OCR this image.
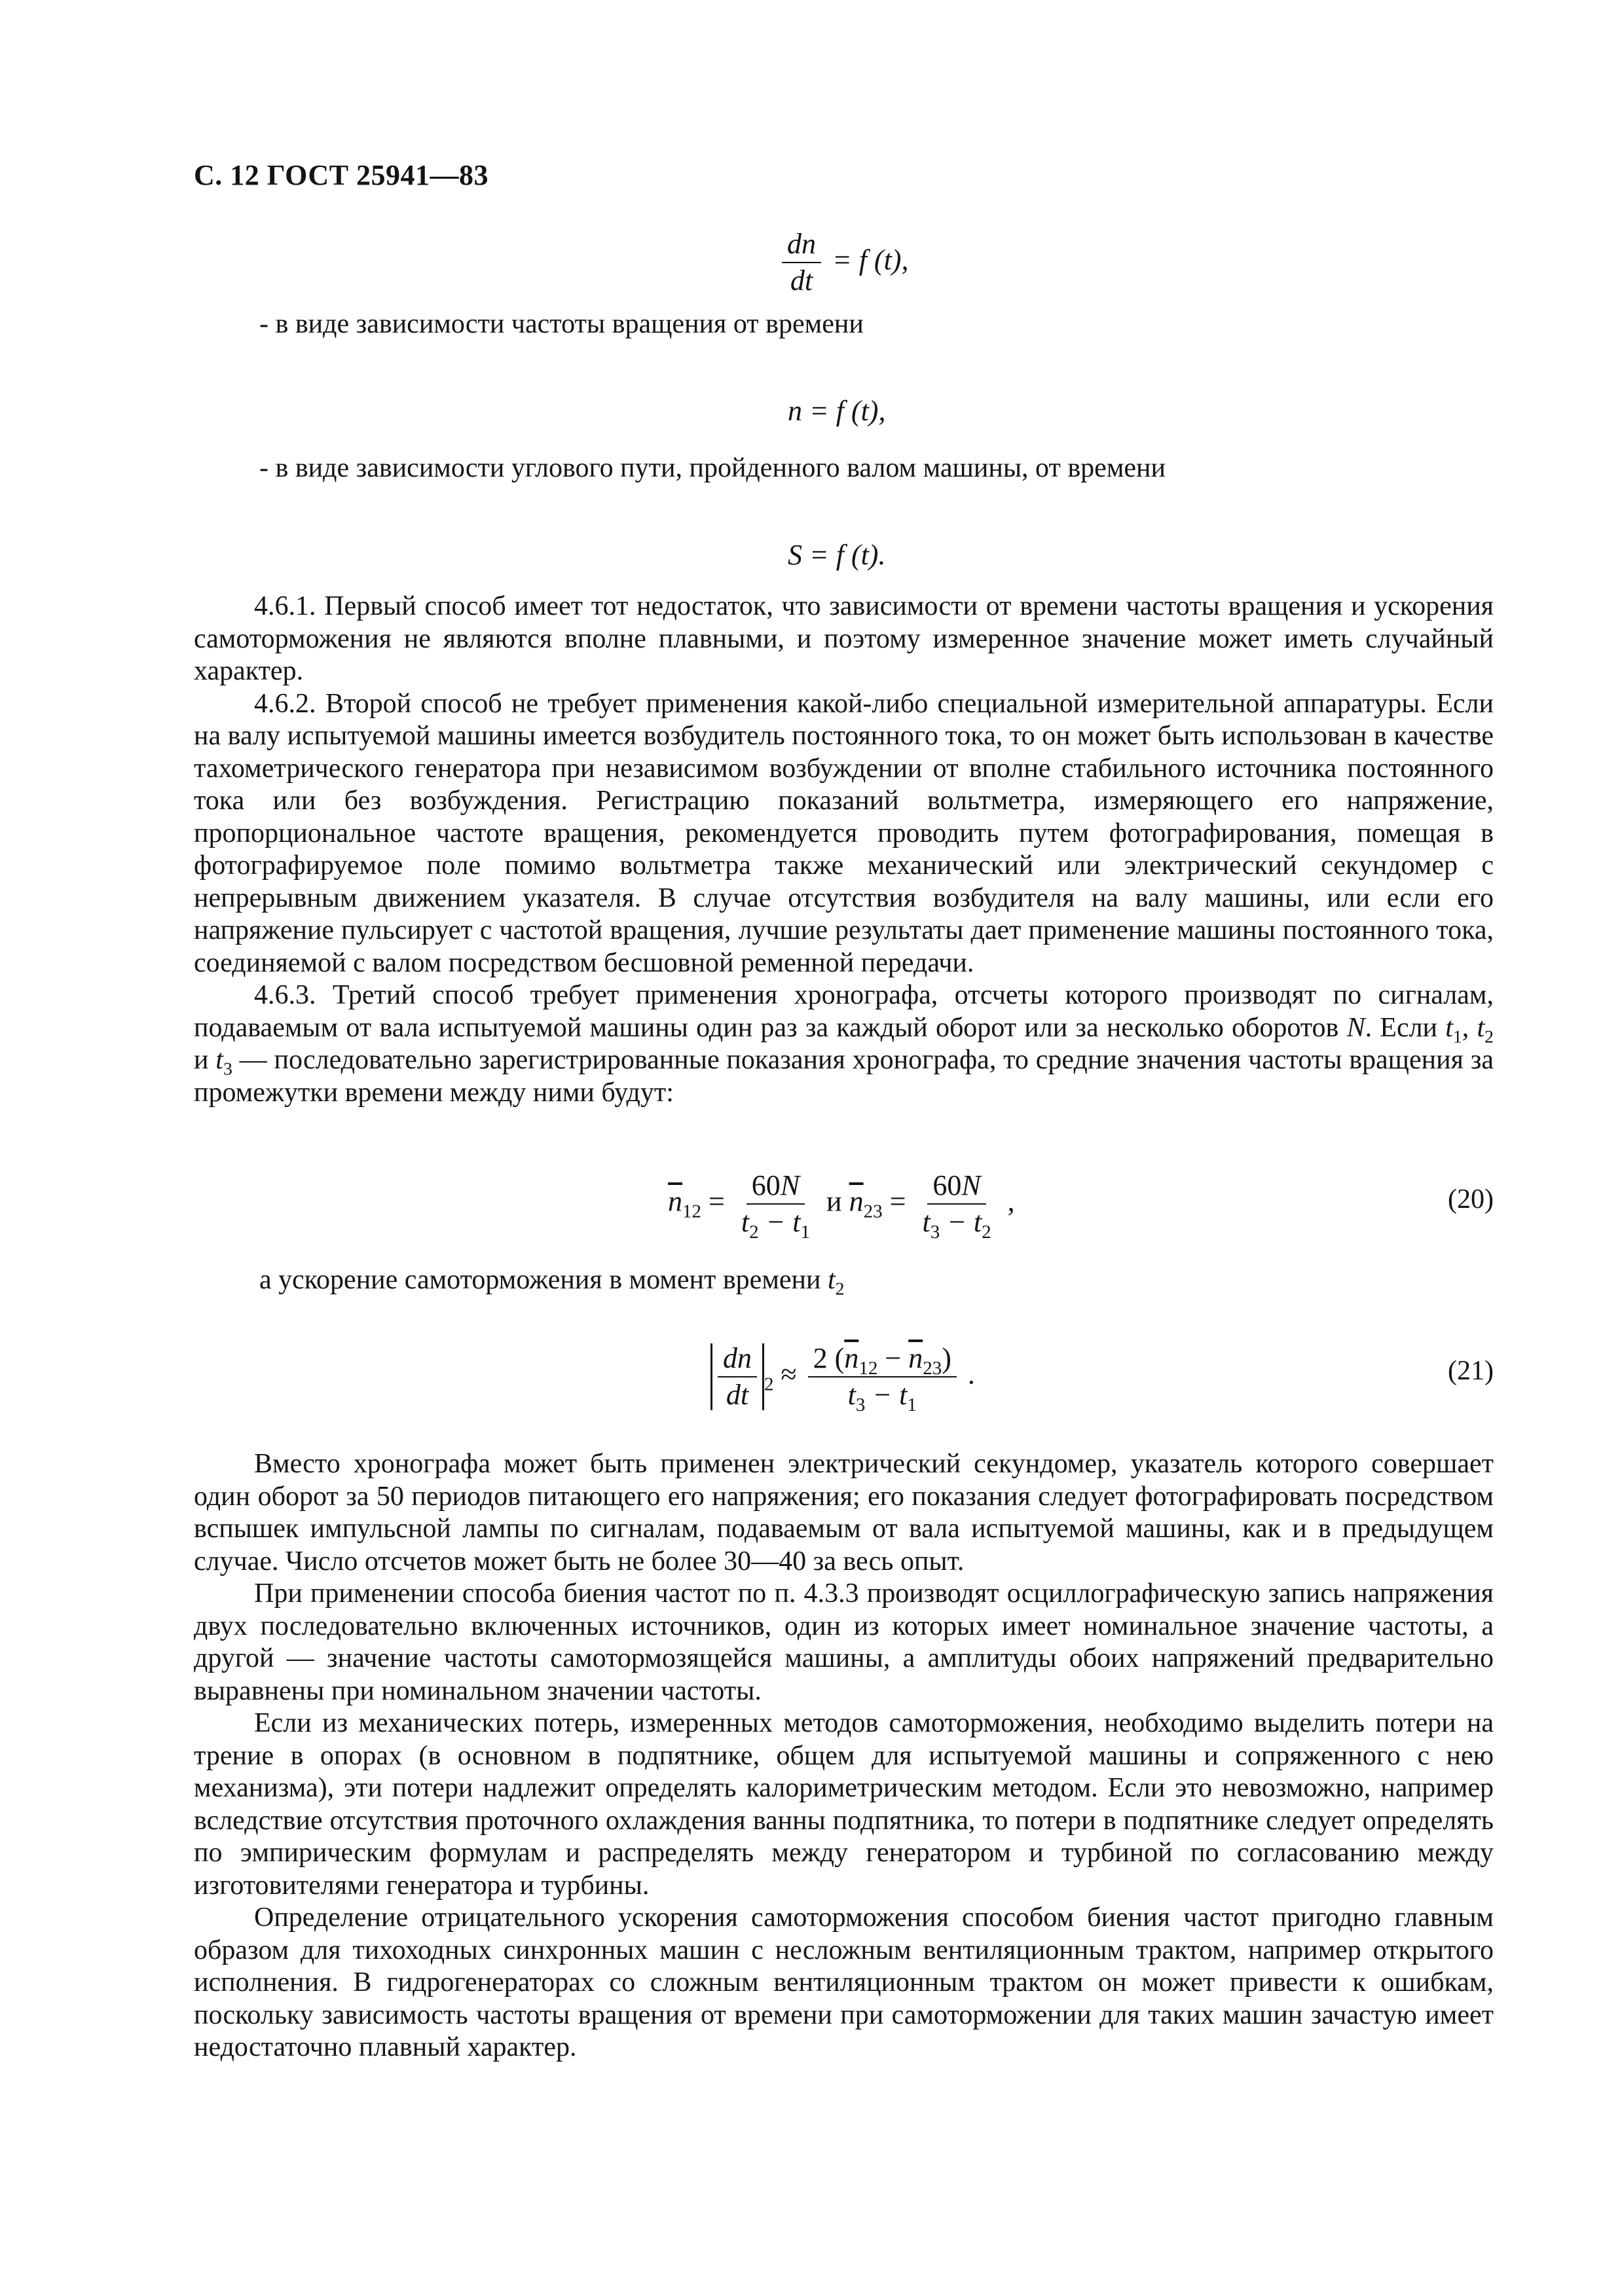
С. 12 ГОСТ 25941—83
$\frac{dn}{dt} = f$ (t),
- в виде зависимости частоты вращения от времени
n = f (t),
- в виде зависимости углового пути, пройденного валом машины, от времени
S = f (t).

4.6.1. Первый способ имеет тот недостаток, что зависимости от времени частоты вращения и ускорения самоторможения не являются вполне плавными, и поэтому измеренное значение может иметь случайный характер.

4.6.2. Второй способ не требует применения какой-либо специальной измерительной аппаратуры. Если на валу испытуемой машины имеется возбудитель постоянного тока, то он может быть использован в качестве тахометрического генератора при независимом возбуждении от вполне стабильного источника постоянного тока или без возбуждения. Регистрацию показаний вольтметра, измеряющего его напряжение, пропорциональное частоте вращения, рекомендуется проводить путем фотографирования, помещая в фотографируемое поле помимо вольтметра также механический или электрический секундомер с непрерывным движением указателя. В случае отсутствия возбудителя на валу машины, или если его напряжение пульсирует с частотой вращения, лучшие результаты дает применение машины постоянного тока, соединяемой с валом посредством бесшовной ременной передачи.

4.6.3. Третий способ требует применения хронографа, отсчеты которого производят по сигналам, подаваемым от вала испытуемой машины один раз за каждый оборот или за несколько оборотов N. Если $t_1$, $t_2$ и $t_3$ — последовательно зарегистрированные показания хронографа, то средние значения частоты вращения за промежутки времени между ними будут:

$\overline{n}_{12} = \frac{60N}{t_2 - t_1}$ и $\overline{n}_{23} = \frac{60N}{t_3 - t_2}$ ,	(20)
а ускорение самоторможения в момент времени $t_2$
$\frac{dn}{dt} _2 \approx \frac{2 (\overline{n}_{12} - \overline{n}_{23})}{t_3 - t_1}$ .	(21)

Вместо хронографа может быть применен электрический секундомер, указатель которого совершает один оборот за 50 периодов питающего его напряжения; его показания следует фотографировать посредством вспышек импульсной лампы по сигналам, подаваемым от вала испытуемой машины, как и в предыдущем случае. Число отсчетов может быть не более 30—40 за весь опыт.

При применении способа биения частот по п. 4.3.3 производят осциллографическую запись напряжения двух последовательно включенных источников, один из которых имеет номинальное значение частоты, а другой — значение частоты самотормозящейся машины, а амплитуды обоих напряжений предварительно выравнены при номинальном значении частоты.

Если из механических потерь, измеренных методов самоторможения, необходимо выделить потери на трение в опорах (в основном в подпятнике, общем для испытуемой машины и сопряженного с нею механизма), эти потери надлежит определять калориметрическим методом. Если это невозможно, например вследствие отсутствия проточного охлаждения ванны подпятника, то потери в подпятнике следует определять по эмпирическим формулам и распределять между генератором и турбиной по согласованию между изготовителями генератора и турбины.

Определение отрицательного ускорения самоторможения способом биения частот пригодно главным образом для тихоходных синхронных машин с несложным вентиляционным трактом, например открытого исполнения. В гидрогенераторах со сложным вентиляционным трактом он может привести к ошибкам, поскольку зависимость частоты вращения от времени при самоторможении для таких машин зачастую имеет недостаточно плавный характер.
